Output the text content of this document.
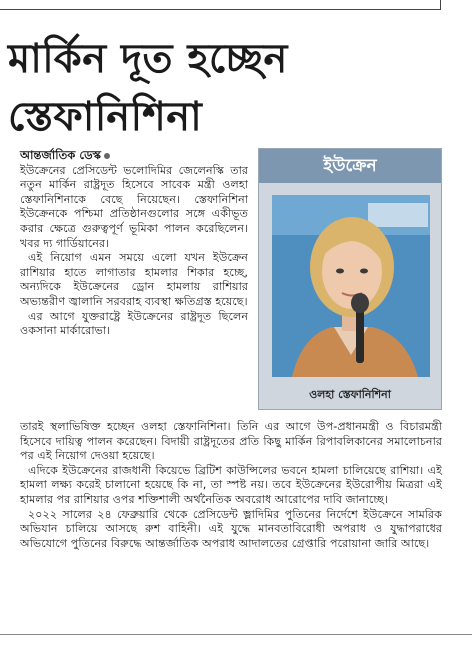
মার্কিন দূত হচ্ছেন
স্তেফানিশিনা

আন্তর্জাতিক ডেস্ক

ইউক্রেনের প্রেসিডেন্ট ভলোদিমির জেলেনস্কি তার নতুন মার্কিন রাষ্ট্রদূত হিসেবে সাবেক মন্ত্রী ওলহা স্তেফানিশিনাকে বেছে নিয়েছেন। স্তেফানিশিনা ইউক্রেনকে পশ্চিমা প্রতিষ্ঠানগুলোর সঙ্গে একীভূত করার ক্ষেত্রে গুরুত্বপূর্ণ ভূমিকা পালন করেছিলেন। খবর দ্য গার্ডিয়ানের।

এই নিয়োগ এমন সময়ে এলো যখন ইউক্রেন রাশিয়ার হাতে লাগাতার হামলার শিকার হচ্ছে, অন্যদিকে ইউক্রেনের ড্রোন হামলায় রাশিয়ার অভ্যন্তরীণ জ্বালানি সরবরাহ ব্যবস্থা ক্ষতিগ্রস্ত হয়েছে।

এর আগে যুক্তরাষ্ট্রে ইউক্রেনের রাষ্ট্রদূত ছিলেন ওকসানা মার্কারোভা।

ইউক্রেন
ওলহা স্তেফানিশিনা

তারই স্থলাভিষিক্ত হচ্ছেন ওলহা স্তেফানিশিনা। তিনি এর আগে উপ-প্রধানমন্ত্রী ও বিচারমন্ত্রী হিসেবে দায়িত্ব পালন করেছেন। বিদায়ী রাষ্ট্রদূতের প্রতি কিছু মার্কিন রিপাবলিকানের সমালোচনার পর এই নিয়োগ দেওয়া হয়েছে।

এদিকে ইউক্রেনের রাজধানী কিয়েভে ব্রিটিশ কাউন্সিলের ভবনে হামলা চালিয়েছে রাশিয়া। এই হামলা লক্ষ্য করেই চালানো হয়েছে কি না, তা স্পষ্ট নয়। তবে ইউক্রেনের ইউরোপীয় মিত্ররা এই হামলার পর রাশিয়ার ওপর শক্তিশালী অর্থনৈতিক অবরোধ আরোপের দাবি জানাচ্ছে।

২০২২ সালের ২৪ ফেব্রুয়ারি থেকে প্রেসিডেন্ট ভ্লাদিমির পুতিনের নির্দেশে ইউক্রেনে সামরিক অভিযান চালিয়ে আসছে রুশ বাহিনী। এই যুদ্ধে মানবতাবিরোধী অপরাধ ও যুদ্ধাপরাধের অভিযোগে পুতিনের বিরুদ্ধে আন্তর্জাতিক অপরাধ আদালতের গ্রেপ্তারি পরোয়ানা জারি আছে।
